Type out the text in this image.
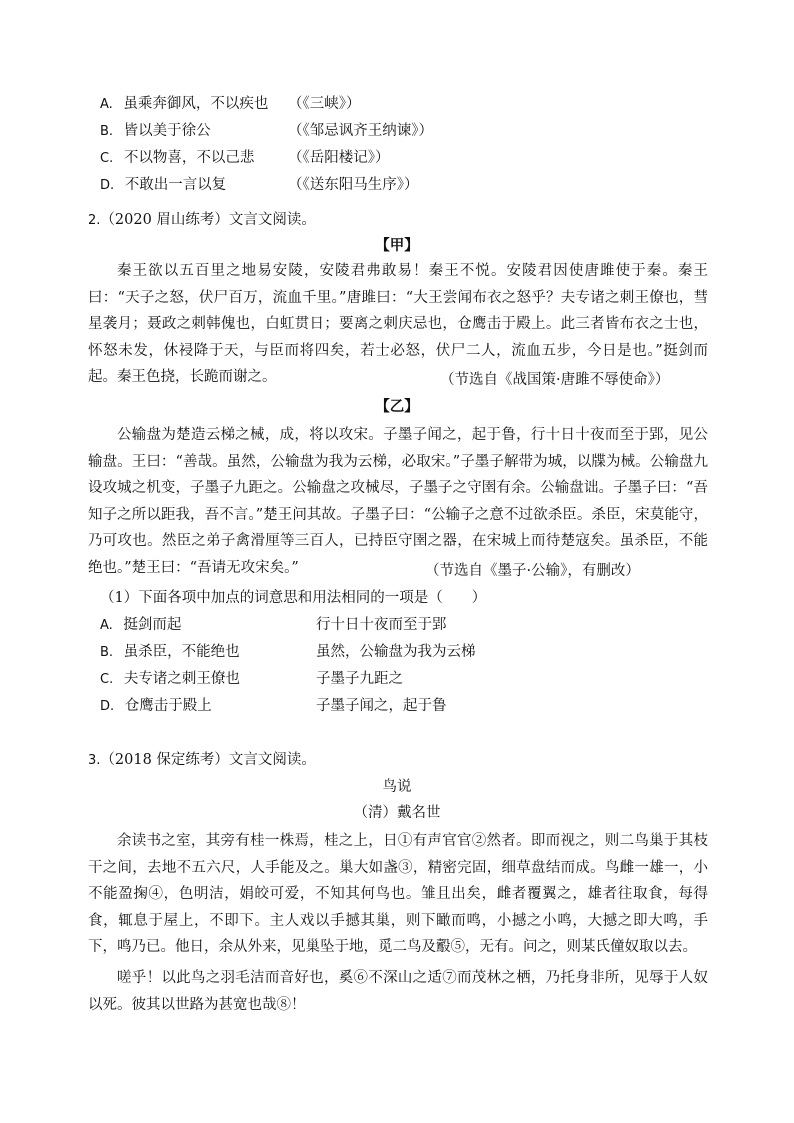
A. 虽乘奔御风，不以疾也 （《三峡》）
B. 皆以美于徐公	（《邹忌讽齐王纳谏》）
C. 不以物喜，不以己悲 （《岳阳楼记》）
D. 不敢出一言以复	（《送东阳马生序》）
2.（2020 眉山练考）文言文阅读。
【甲】
秦王欲以五百里之地易安陵，安陵君弗敢易！秦王不悦。安陵君因使唐雎使于秦。秦王曰：“天子之怒，伏尸百万，流血千里。”唐雎曰：“大王尝闻布衣之怒乎？夫专诸之刺王僚也，彗星袭月；聂政之刺韩傀也，白虹贯日；要离之刺庆忌也，仓鹰击于殿上。此三者皆布衣之士也，怀怒未发，休祲降于天，与臣而将四矣，若士必怒，伏尸二人，流血五步，今日是也。”挺剑而起。秦王色挠，长跪而谢之。	（节选自《战国策·唐雎不辱使命》）
【乙】
公输盘为楚造云梯之械，成，将以攻宋。子墨子闻之，起于鲁，行十日十夜而至于郢，见公输盘。王曰：“善哉。虽然，公输盘为我为云梯，必取宋。”子墨子解带为城，以牒为械。公输盘九设攻城之机变，子墨子九距之。公输盘之攻械尽，子墨子之守圉有余。公输盘诎。子墨子曰：“吾知子之所以距我，吾不言。”楚王问其故。子墨子曰：“公输子之意不过欲杀臣。杀臣，宋莫能守，乃可攻也。然臣之弟子禽滑厘等三百人，已持臣守圉之器，在宋城上而待楚寇矣。虽杀臣，不能绝也。”楚王曰：“吾请无攻宋矣。”	（节选自《墨子·公输》，有删改）
（1）下面各项中加点的词意思和用法相同的一项是（　　）
A. 挺剑而起	行十日十夜而至于郢
B. 虽杀臣，不能绝也	虽然，公输盘为我为云梯
C. 夫专诸之刺王僚也	子墨子九距之
D. 仓鹰击于殿上	子墨子闻之，起于鲁
3.（2018 保定练考）文言文阅读。
鸟说
（清）戴名世
余读书之室，其旁有桂一株焉，桂之上，日①有声官官②然者。即而视之，则二鸟巢于其枝干之间，去地不五六尺，人手能及之。巢大如盏③，精密完固，细草盘结而成。鸟雌一雄一，小不能盈掬④，色明洁，娟皎可爱，不知其何鸟也。雏且出矣，雌者覆翼之，雄者往取食，每得食，辄息于屋上，不即下。主人戏以手撼其巢，则下瞰而鸣，小撼之小鸣，大撼之即大鸣，手下，鸣乃已。他日，余从外来，见巢坠于地，觅二鸟及鷇⑤，无有。问之，则某氏僮奴取以去。
嗟乎！以此鸟之羽毛洁而音好也，奚⑥不深山之适⑦而茂林之栖，乃托身非所，见辱于人奴以死。彼其以世路为甚宽也哉⑧！
